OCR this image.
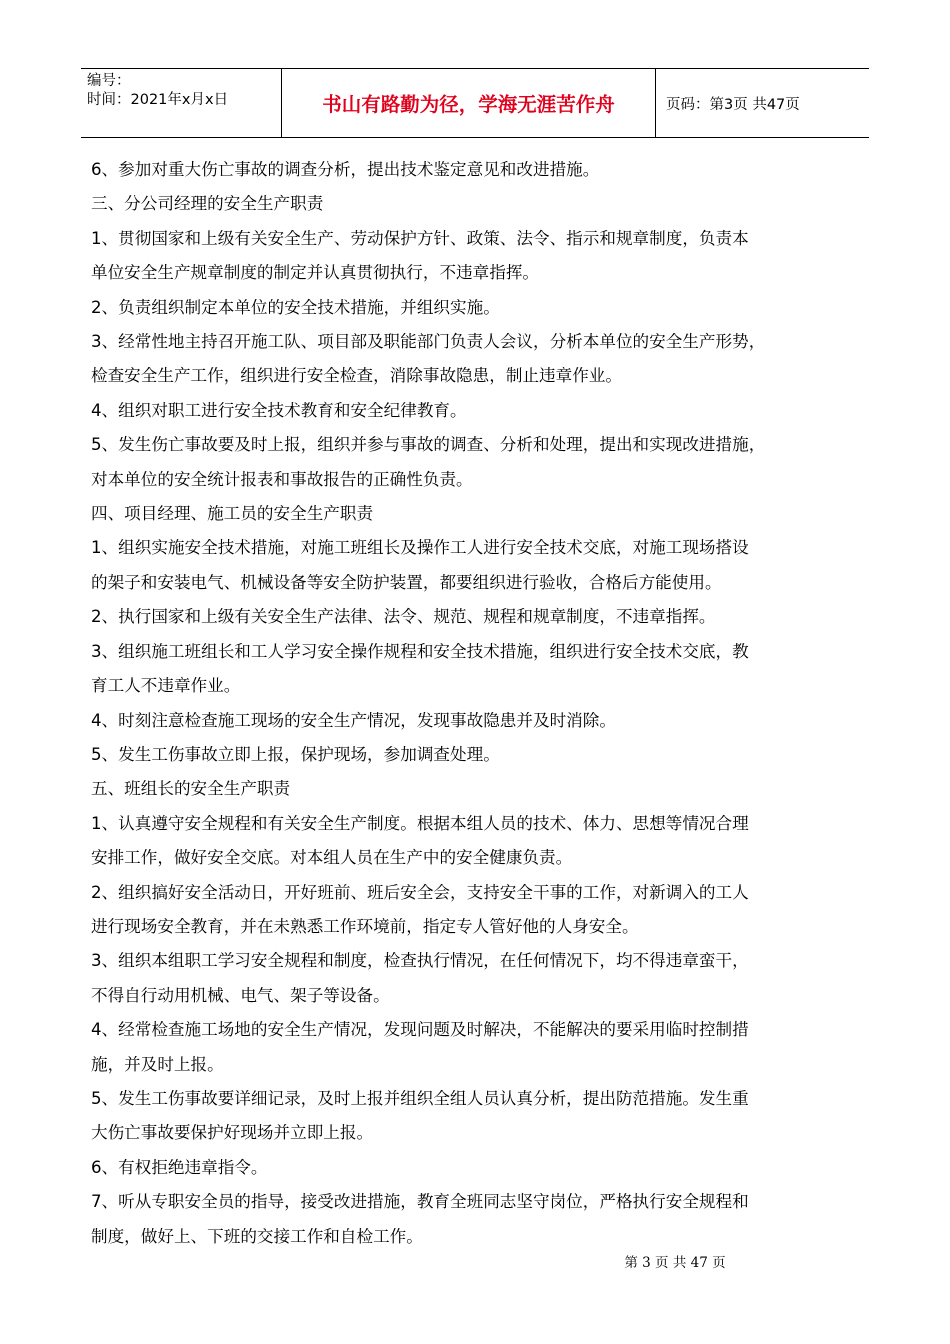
编号：
时间：2021年x月x日	书山有路勤为径，学海无涯苦作舟	页码：第3页 共47页

6、参加对重大伤亡事故的调查分析，提出技术鉴定意见和改进措施。

三、分公司经理的安全生产职责

1、贯彻国家和上级有关安全生产、劳动保护方针、政策、法令、指示和规章制度，负责本

单位安全生产规章制度的制定并认真贯彻执行，不违章指挥。

2、负责组织制定本单位的安全技术措施，并组织实施。

3、经常性地主持召开施工队、项目部及职能部门负责人会议，分析本单位的安全生产形势，

检查安全生产工作，组织进行安全检查，消除事故隐患，制止违章作业。

4、组织对职工进行安全技术教育和安全纪律教育。

5、发生伤亡事故要及时上报，组织并参与事故的调查、分析和处理，提出和实现改进措施，

对本单位的安全统计报表和事故报告的正确性负责。

四、项目经理、施工员的安全生产职责

1、组织实施安全技术措施，对施工班组长及操作工人进行安全技术交底，对施工现场搭设

的架子和安装电气、机械设备等安全防护装置，都要组织进行验收，合格后方能使用。

2、执行国家和上级有关安全生产法律、法令、规范、规程和规章制度，不违章指挥。

3、组织施工班组长和工人学习安全操作规程和安全技术措施，组织进行安全技术交底，教

育工人不违章作业。

4、时刻注意检查施工现场的安全生产情况，发现事故隐患并及时消除。

5、发生工伤事故立即上报，保护现场，参加调查处理。

五、班组长的安全生产职责

1、认真遵守安全规程和有关安全生产制度。根据本组人员的技术、体力、思想等情况合理

安排工作，做好安全交底。对本组人员在生产中的安全健康负责。

2、组织搞好安全活动日，开好班前、班后安全会，支持安全干事的工作，对新调入的工人

进行现场安全教育，并在未熟悉工作环境前，指定专人管好他的人身安全。

3、组织本组职工学习安全规程和制度，检查执行情况，在任何情况下，均不得违章蛮干，

不得自行动用机械、电气、架子等设备。

4、经常检查施工场地的安全生产情况，发现问题及时解决，不能解决的要采用临时控制措

施，并及时上报。

5、发生工伤事故要详细记录，及时上报并组织全组人员认真分析，提出防范措施。发生重

大伤亡事故要保护好现场并立即上报。

6、有权拒绝违章指令。

7、听从专职安全员的指导，接受改进措施，教育全班同志坚守岗位，严格执行安全规程和

制度，做好上、下班的交接工作和自检工作。

第 3 页 共 47 页
